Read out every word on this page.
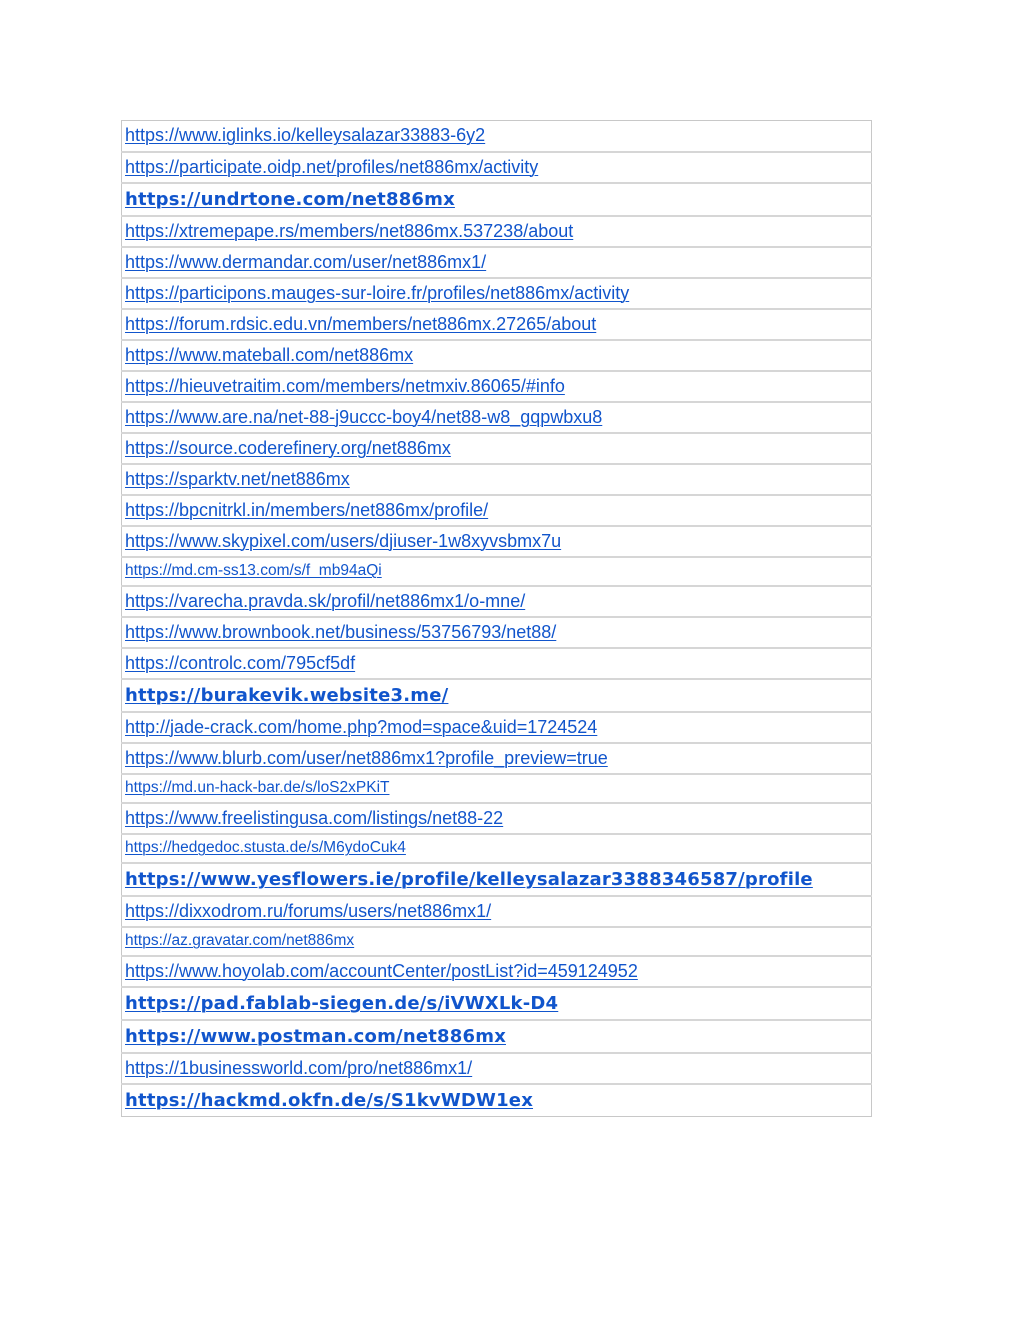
https://www.iglinks.io/kelleysalazar33883-6y2
https://participate.oidp.net/profiles/net886mx/activity
https://undrtone.com/net886mx
https://xtremepape.rs/members/net886mx.537238/about
https://www.dermandar.com/user/net886mx1/
https://participons.mauges-sur-loire.fr/profiles/net886mx/activity
https://forum.rdsic.edu.vn/members/net886mx.27265/about
https://www.mateball.com/net886mx
https://hieuvetraitim.com/members/netmxiv.86065/#info
https://www.are.na/net-88-j9uccc-boy4/net88-w8_gqpwbxu8
https://source.coderefinery.org/net886mx
https://sparktv.net/net886mx
https://bpcnitrkl.in/members/net886mx/profile/
https://www.skypixel.com/users/djiuser-1w8xyvsbmx7u
https://md.cm-ss13.com/s/f_mb94aQi
https://varecha.pravda.sk/profil/net886mx1/o-mne/
https://www.brownbook.net/business/53756793/net88/
https://controlc.com/795cf5df
https://burakevik.website3.me/
http://jade-crack.com/home.php?mod=space&uid=1724524
https://www.blurb.com/user/net886mx1?profile_preview=true
https://md.un-hack-bar.de/s/loS2xPKiT
https://www.freelistingusa.com/listings/net88-22
https://hedgedoc.stusta.de/s/M6ydoCuk4
https://www.yesflowers.ie/profile/kelleysalazar3388346587/profile
https://dixxodrom.ru/forums/users/net886mx1/
https://az.gravatar.com/net886mx
https://www.hoyolab.com/accountCenter/postList?id=459124952
https://pad.fablab-siegen.de/s/iVWXLk-D4
https://www.postman.com/net886mx
https://1businessworld.com/pro/net886mx1/
https://hackmd.okfn.de/s/S1kvWDW1ex
